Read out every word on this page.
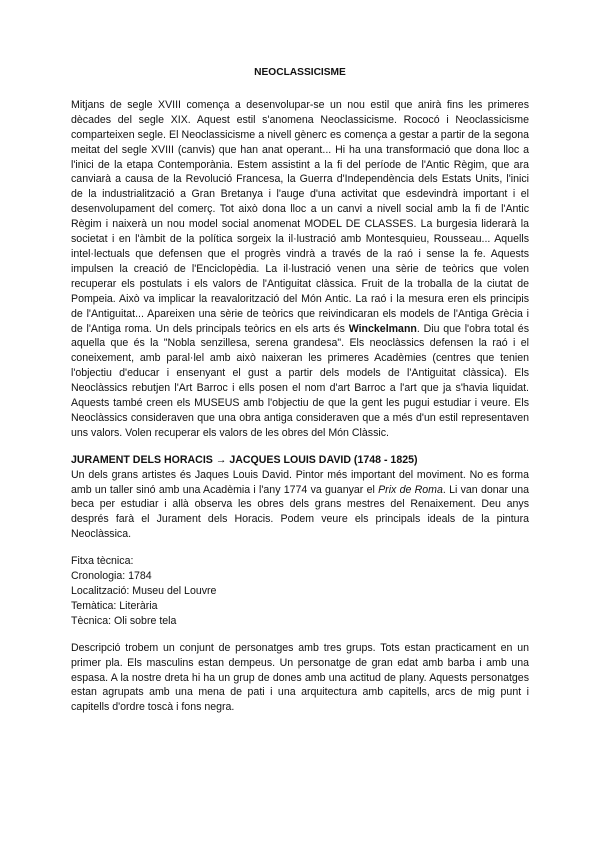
NEOCLASSICISME

Mitjans de segle XVIII comença a desenvolupar-se un nou estil que anirà fins les primeres dècades del segle XIX. Aquest estil s'anomena Neoclassicisme. Rococó i Neoclassicisme comparteixen segle. El Neoclassicisme a nivell gènerc es comença a gestar a partir de la segona meitat del segle XVIII (canvis) que han anat operant... Hi ha una transformació que dona lloc a l'inici de la etapa Contemporània. Estem assistint a la fi del període de l'Antic Règim, que ara canviarà a causa de la Revolució Francesa, la Guerra d'Independència dels Estats Units, l'inici de la industrialització a Gran Bretanya i l'auge d'una activitat que esdevindrà important i el desenvolupament del comerç. Tot això dona lloc a un canvi a nivell social amb la fi de l'Antic Règim i naixerà un nou model social anomenat MODEL DE CLASSES. La burgesia liderarà la societat i en l'àmbit de la política sorgeix la il·lustració amb Montesquieu, Rousseau... Aquells intel·lectuals que defensen que el progrès vindrà a través de la raó i sense la fe. Aquests impulsen la creació de l'Enciclopèdia. La il·lustració venen una sèrie de teòrics que volen recuperar els postulats i els valors de l'Antiguitat clàssica. Fruit de la troballa de la ciutat de Pompeia. Això va implicar la reavalorització del Món Antic. La raó i la mesura eren els principis de l'Antiguitat... Apareixen una sèrie de teòrics que reivindicaran els models de l'Antiga Grècia i de l'Antiga roma. Un dels principals teòrics en els arts és Winckelmann. Diu que l'obra total és aquella que és la "Nobla senzillesa, serena grandesa". Els neoclàssics defensen la raó i el coneixement, amb paral·lel amb això naixeran les primeres Acadèmies (centres que tenien l'objectiu d'educar i ensenyant el gust a partir dels models de l'Antiguitat clàssica). Els Neoclàssics rebutjen l'Art Barroc i ells posen el nom d'art Barroc a l'art que ja s'havia liquidat. Aquests també creen els MUSEUS amb l'objectiu de que la gent les pugui estudiar i veure. Els Neoclàssics consideraven que una obra antiga consideraven que a més d'un estil representaven uns valors. Volen recuperar els valors de les obres del Món Clàssic.

JURAMENT DELS HORACIS → JACQUES LOUIS DAVID (1748 - 1825)

Un dels grans artistes és Jaques Louis David. Pintor més important del moviment. No es forma amb un taller sinó amb una Acadèmia i l'any 1774 va guanyar el Prix de Roma. Li van donar una beca per estudiar i allà observa les obres dels grans mestres del Renaixement. Deu anys després farà el Jurament dels Horacis. Podem veure els principals ideals de la pintura Neoclàssica.

Fitxa tècnica:

Cronologia: 1784

Localització: Museu del Louvre

Temàtica: Literària

Tècnica: Oli sobre tela

Descripció trobem un conjunt de personatges amb tres grups. Tots estan practicament en un primer pla. Els masculins estan dempeus. Un personatge de gran edat amb barba i amb una espasa. A la nostre dreta hi ha un grup de dones amb una actitud de plany. Aquests personatges estan agrupats amb una mena de pati i una arquitectura amb capitells, arcs de mig punt i capitells d'ordre toscà i fons negra.
